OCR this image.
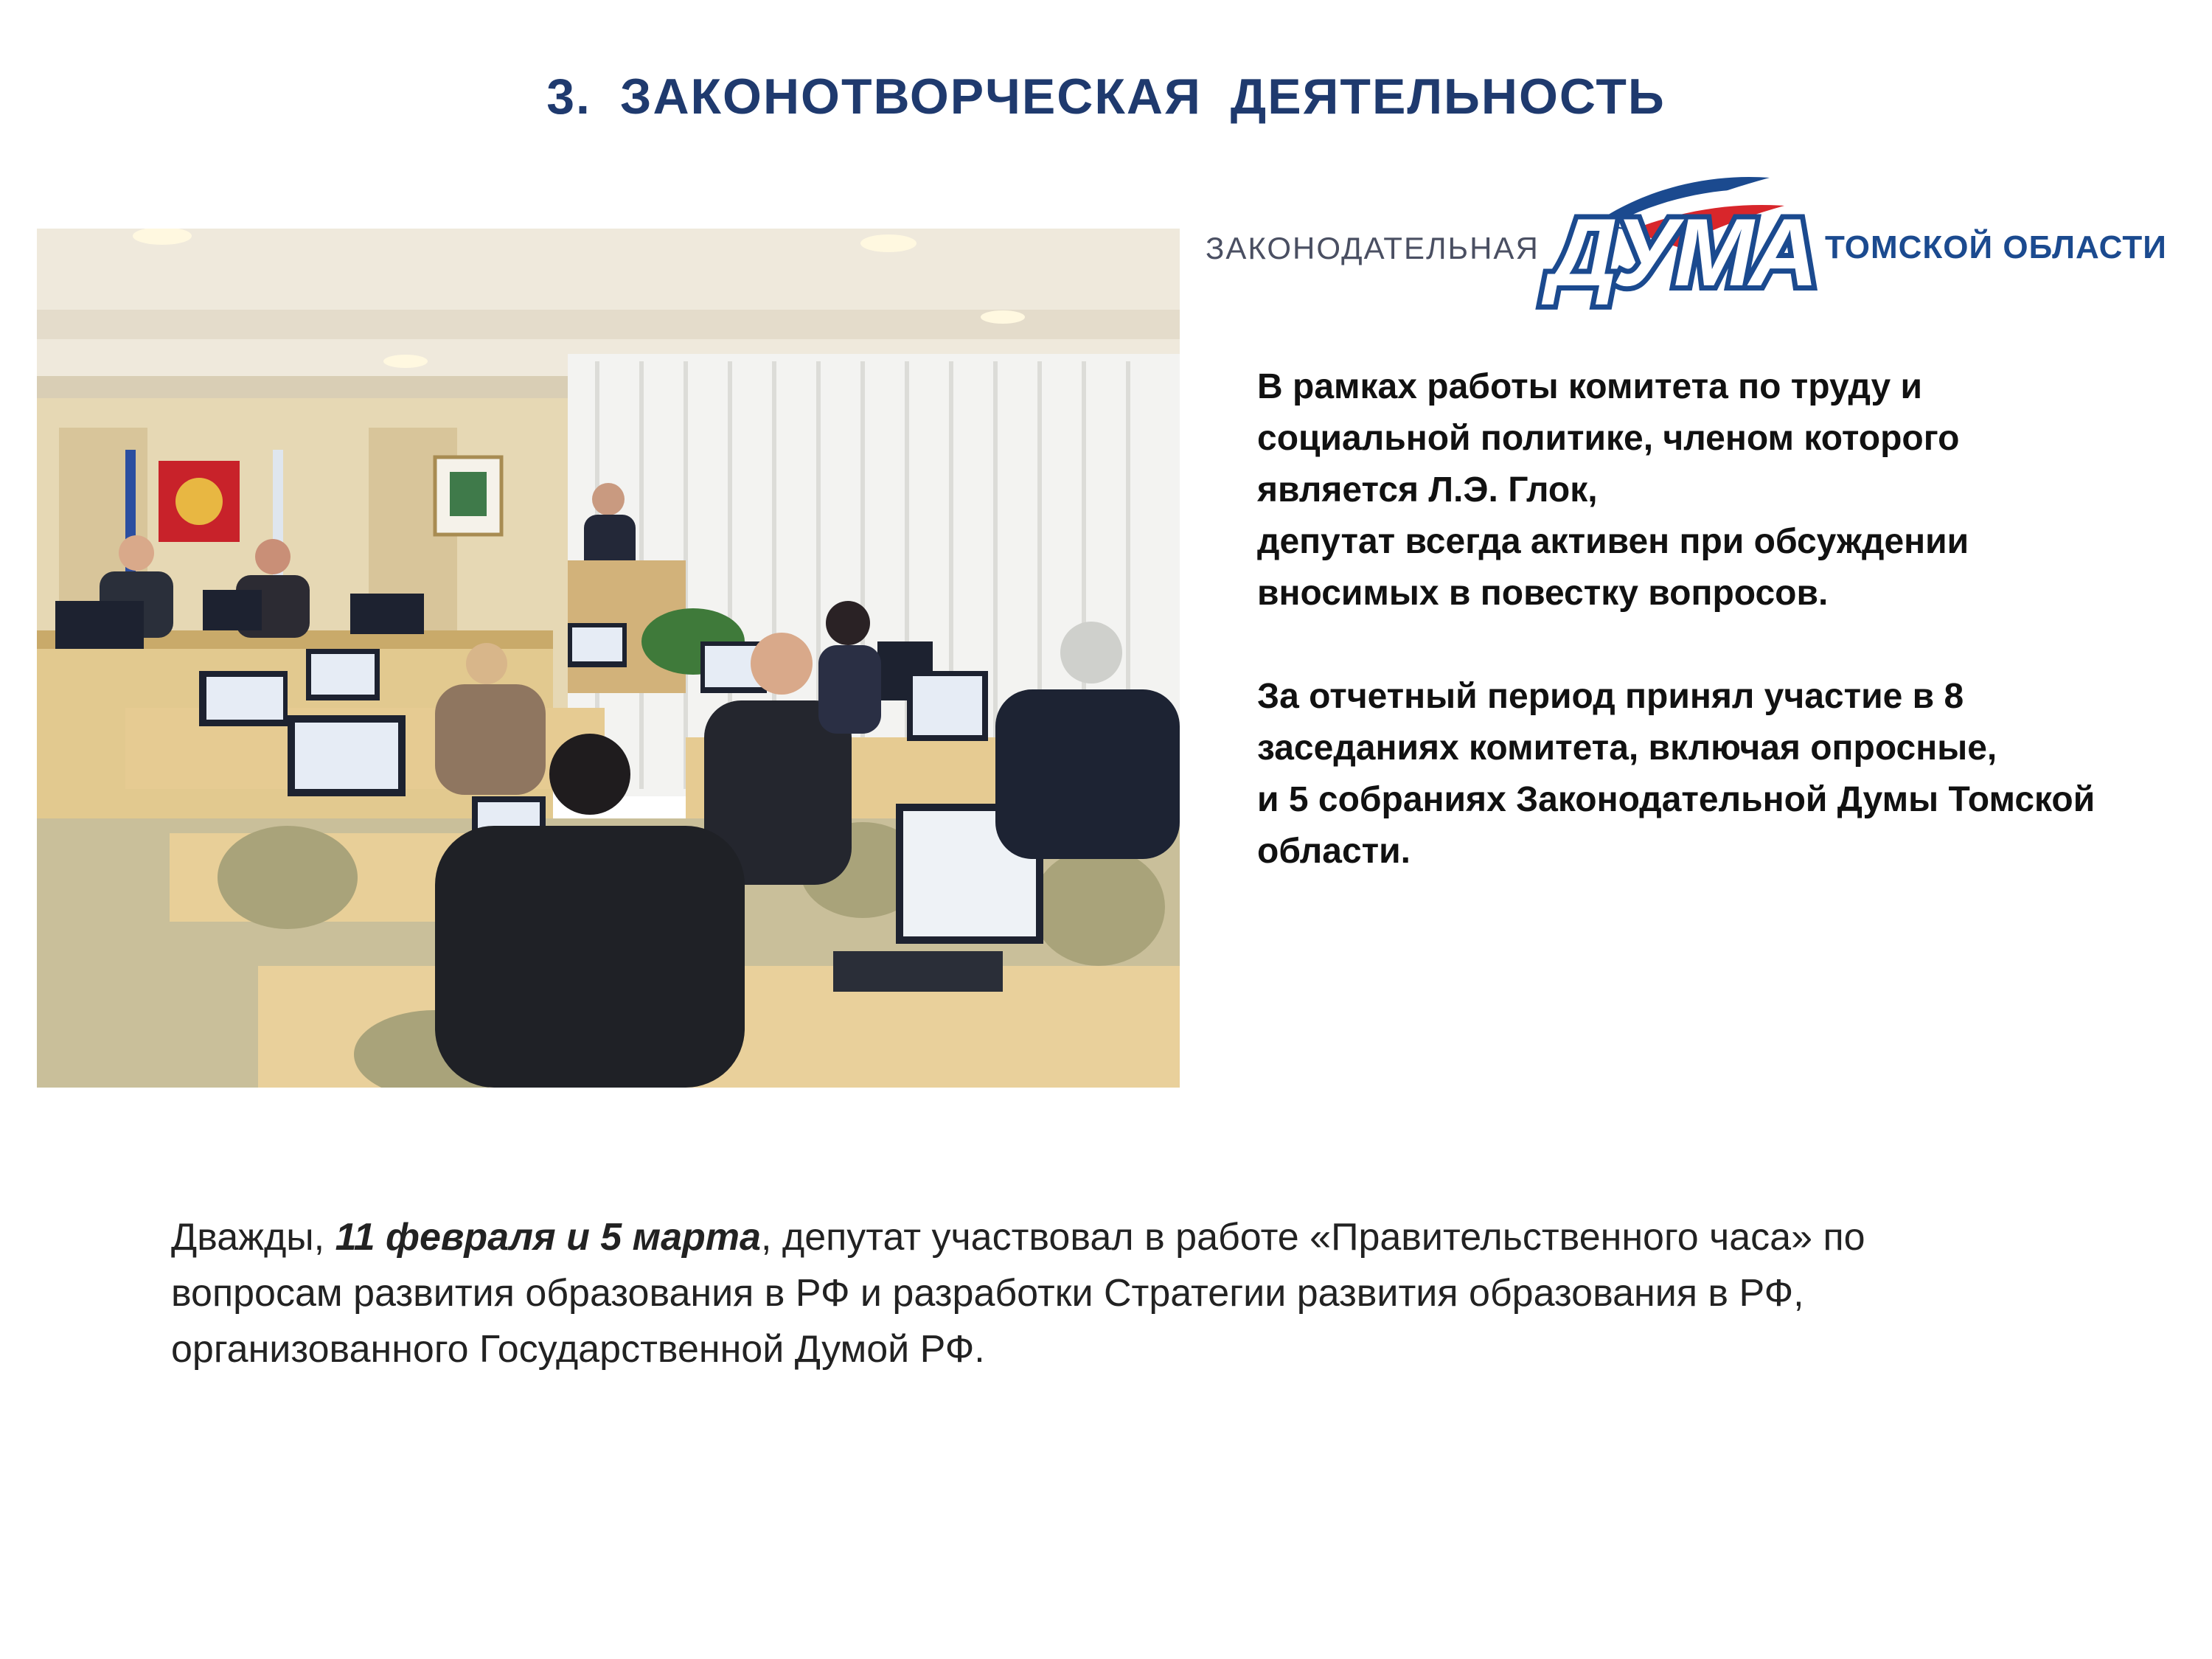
3. ЗАКОНОТВОРЧЕСКАЯ ДЕЯТЕЛЬНОСТЬ
ЗАКОНОДАТЕЛЬНАЯ ДУМА ТОМСКОЙ ОБЛАСТИ

В рамках работы комитета по труду и

социальной политике, членом которого

является Л.Э. Глок,

депутат всегда активен при обсуждении

вносимых в повестку вопросов.

За отчетный период принял участие в 8

заседаниях комитета, включая опросные,

и 5 собраниях Законодательной Думы Томской

области.

Дважды, 11 февраля и 5 марта, депутат участвовал в работе «Правительственного часа» по
вопросам развития образования в РФ и разработки Стратегии развития образования в РФ,
организованного Государственной Думой РФ.
